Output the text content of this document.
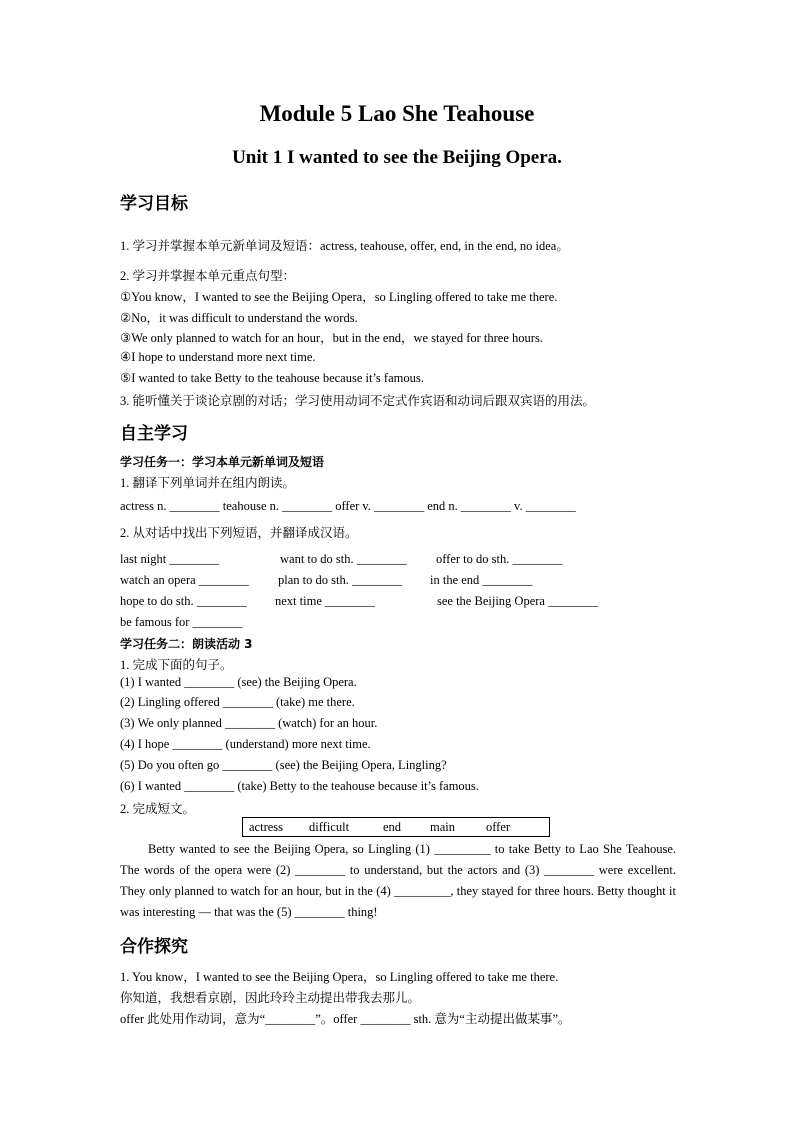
Module 5 Lao She Teahouse
Unit 1 I wanted to see the Beijing Opera.
学习目标
1. 学习并掌握本单元新单词及短语：actress, teahouse, offer, end, in the end, no idea。
2. 学习并掌握本单元重点句型：
①You know，I wanted to see the Beijing Opera，so Lingling offered to take me there.
②No，it was difficult to understand the words.
③We only planned to watch for an hour，but in the end，we stayed for three hours.
④I hope to understand more next time.
⑤I wanted to take Betty to the teahouse because it’s famous.
3. 能听懂关于谈论京剧的对话；学习使用动词不定式作宾语和动词后跟双宾语的用法。
自主学习
学习任务一：学习本单元新单词及短语
1. 翻译下列单词并在组内朗读。
actress n. ________ teahouse n. ________ offer v. ________ end n. ________ v. ________
2. 从对话中找出下列短语，并翻译成汉语。
last night ________	want to do sth. ________ offer to do sth. ________
watch an opera ________ plan to do sth. ________ in the end ________
hope to do sth. ________ next time ________	see the Beijing Opera ________
be famous for ________
学习任务二：朗读活动 3
1. 完成下面的句子。
(1) I wanted ________ (see) the Beijing Opera.
(2) Lingling offered ________ (take) me there.
(3) We only planned ________ (watch) for an hour.
(4) I hope ________ (understand) more next time.
(5) Do you often go ________ (see) the Beijing Opera, Lingling?
(6) I wanted ________ (take) Betty to the teahouse because it’s famous.
2. 完成短文。
actress difficult	end main offer
Betty wanted to see the Beijing Opera, so Lingling (1) _________ to take Betty to Lao She Teahouse. The words of the opera were (2) ________ to understand, but the actors and (3) ________ were excellent. They only planned to watch for an hour, but in the (4) _________, they stayed for three hours. Betty thought it was interesting — that was the (5) ________ thing!
合作探究
1. You know，I wanted to see the Beijing Opera，so Lingling offered to take me there.
你知道，我想看京剧，因此玲玲主动提出带我去那儿。
offer 此处用作动词，意为“________”。offer ________ sth. 意为“主动提出做某事”。
